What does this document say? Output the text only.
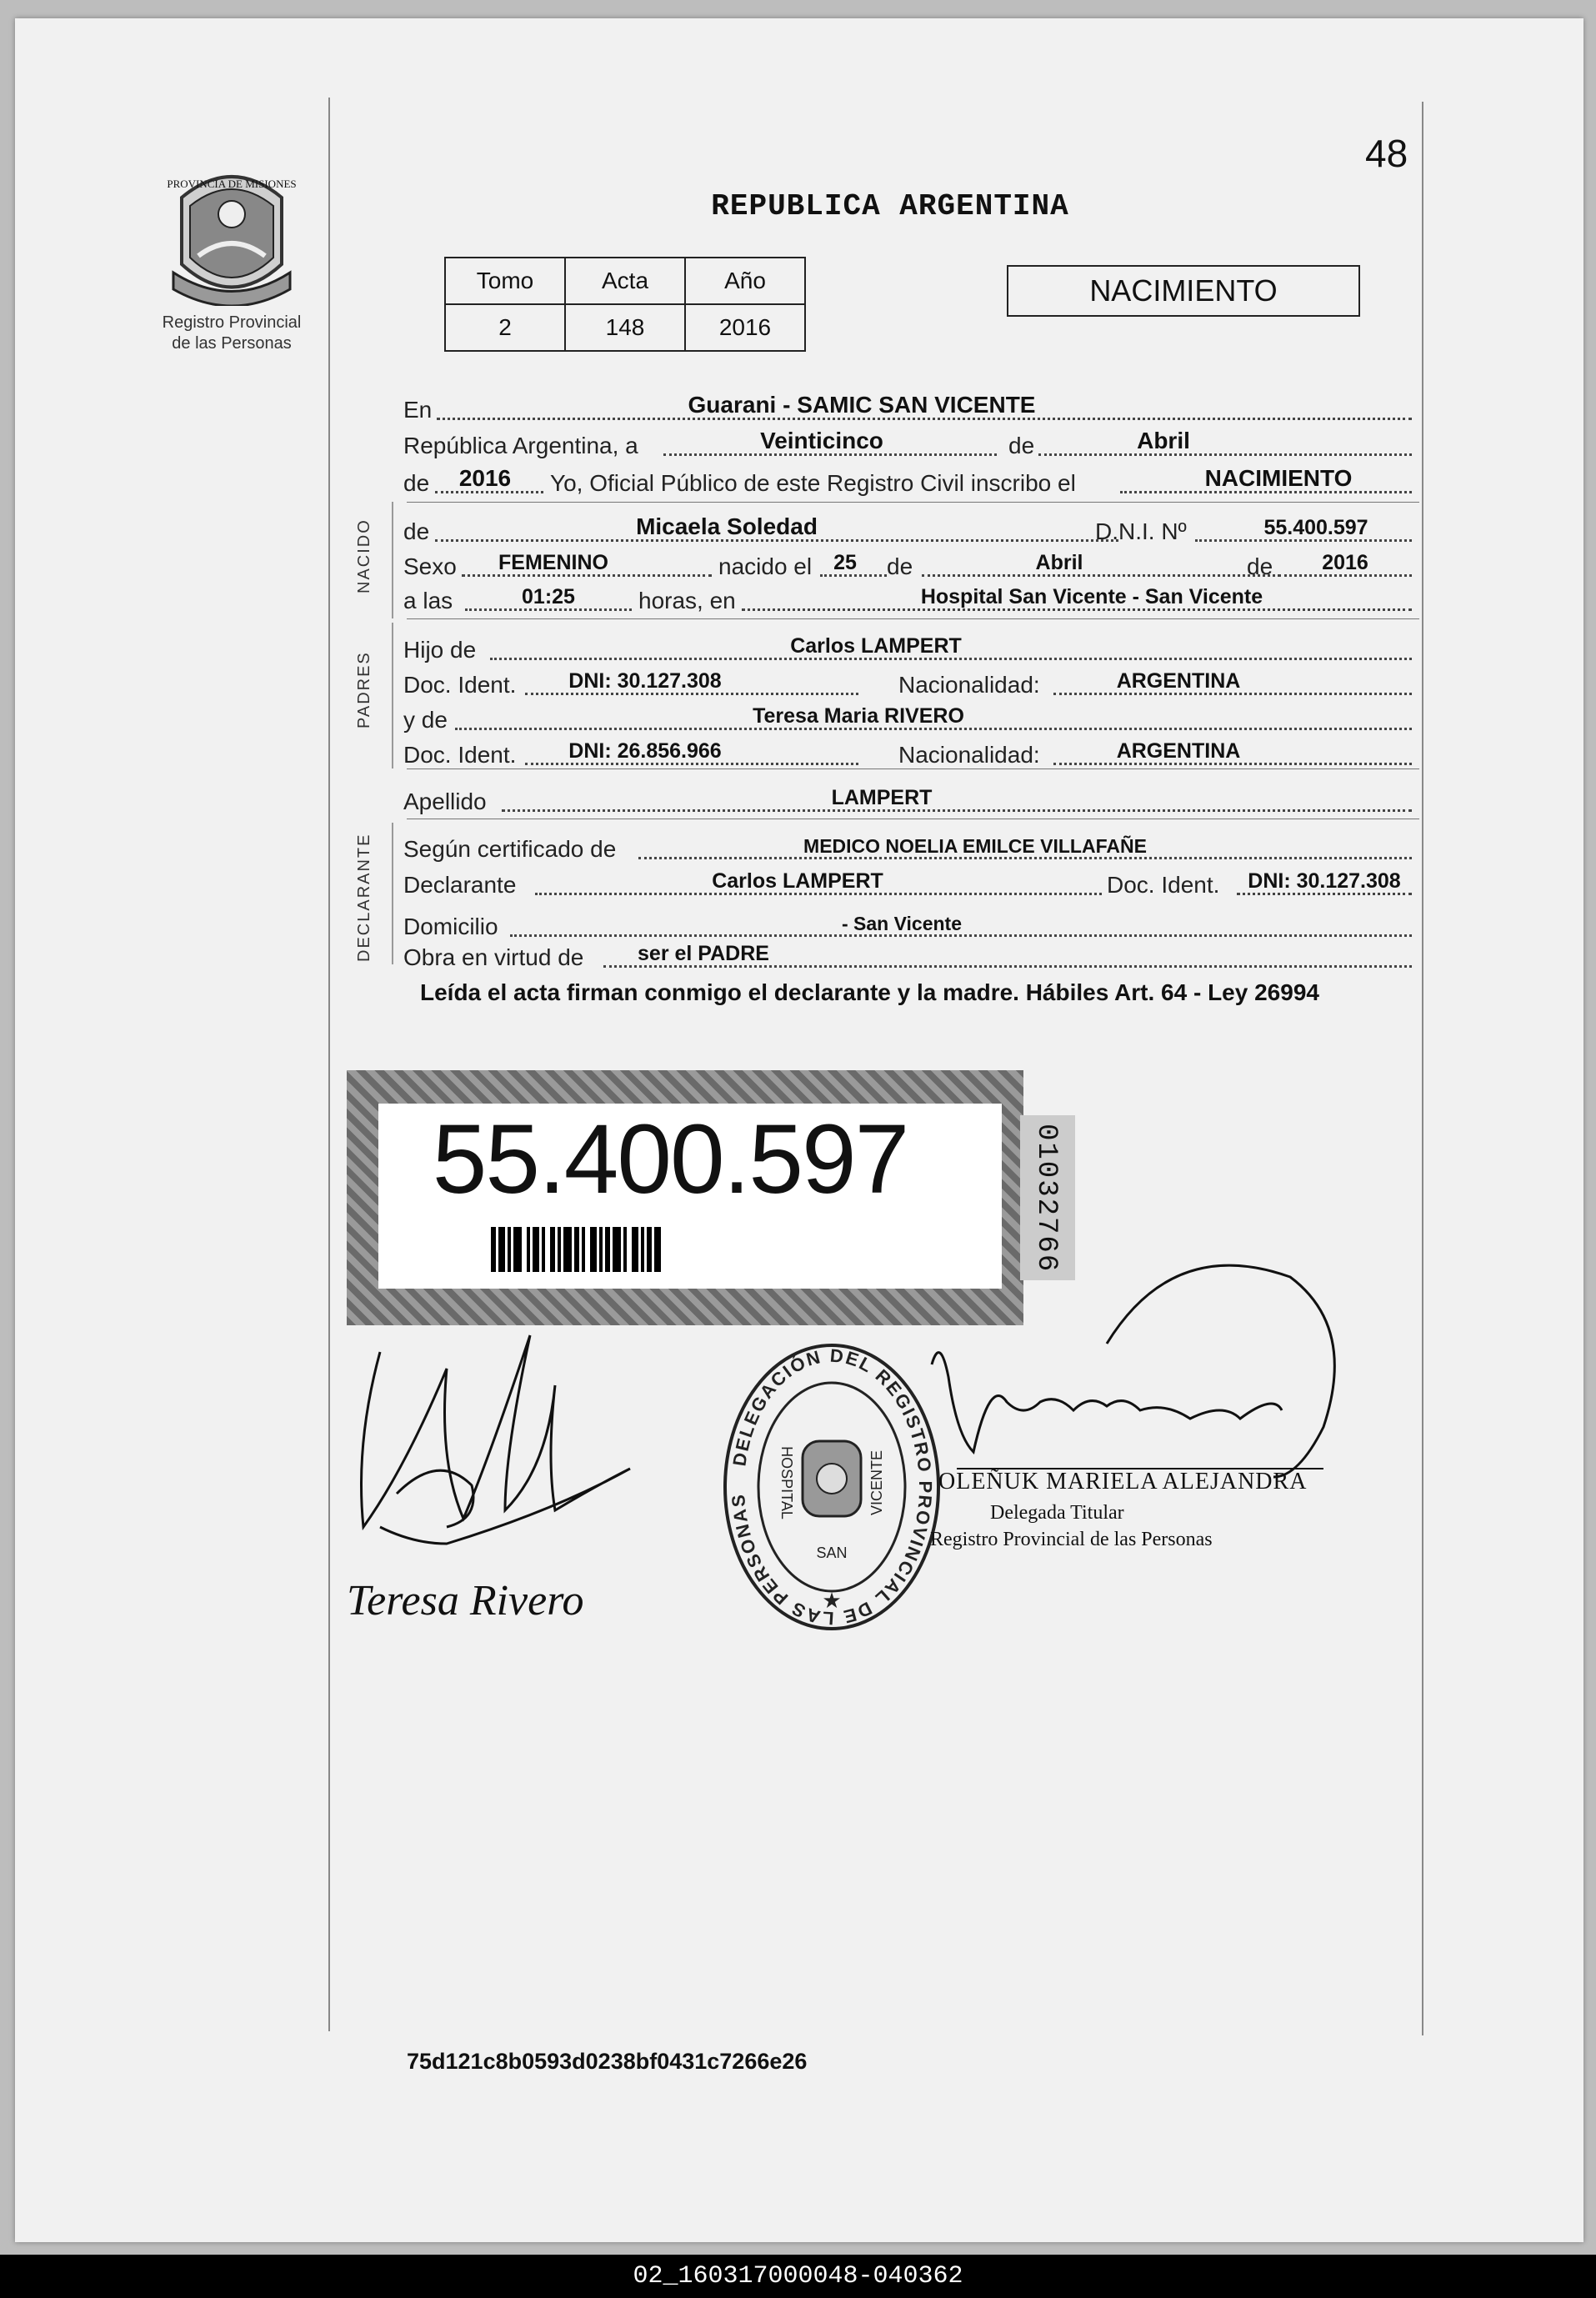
48
PROVINCIA DE MISIONES
Registro Provincial
de las Personas
REPUBLICA ARGENTINA
Tomo	Acta	Año
2	148	2016
NACIMIENTO
NACIDO
PADRES
DECLARANTE
En	Guarani - SAMIC SAN VICENTE
República Argentina, a	Veinticinco	de	Abril
de	2016	Yo, Oficial Público de este Registro Civil inscribo el	NACIMIENTO
de	Micaela Soledad	D.N.I. Nº	55.400.597
Sexo	FEMENINO	nacido el	25	de	Abril	de	2016
a las	01:25	horas, en	Hospital San Vicente - San Vicente
Hijo de	Carlos LAMPERT
Doc. Ident.	DNI: 30.127.308	Nacionalidad:	ARGENTINA
y de	Teresa Maria RIVERO
Doc. Ident.	DNI: 26.856.966	Nacionalidad:	ARGENTINA
Apellido	LAMPERT
Según certificado de	MEDICO NOELIA EMILCE VILLAFAÑE
Declarante	Carlos LAMPERT	Doc. Ident.	DNI: 30.127.308
Domicilio	- San Vicente
Obra en virtud de	ser el PADRE
Leída el acta firman conmigo el declarante y la madre. Hábiles Art. 64 - Ley 26994
55.400.597	01032766
Teresa Rivero
DELEGACIÓN DEL REGISTRO PROVINCIAL DE LAS PERSONAS	HOSPITAL	VICENTE
SAN
★
OLEÑUK MARIELA ALEJANDRA
Delegada Titular
Registro Provincial de las Personas
75d121c8b0593d0238bf0431c7266e26
02_160317000048-040362
